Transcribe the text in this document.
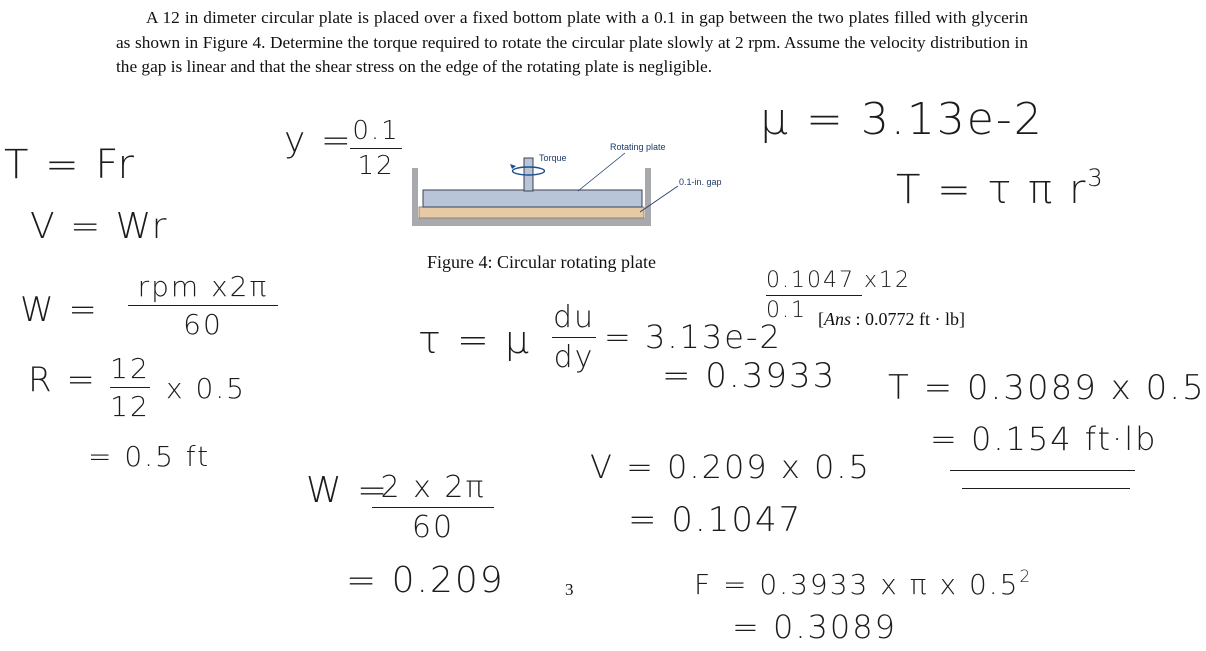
A 12 in dimeter circular plate is placed over a fixed bottom plate with a 0.1 in gap between the two plates filled with glycerin as shown in Figure 4. Determine the torque required to rotate the circular plate slowly at 2 rpm. Assume the velocity distribution in the gap is linear and that the shear stress on the edge of the rotating plate is negligible.

Torque
Rotating plate
0.1-in. gap
Figure 4: Circular rotating plate
[Ans : 0.0772 ft · lb]
3
T = Fr
V = Wr
W =
rpm x2π
60
R = 12
12
x 0.5
= 0.5 ft
y = 0.1
12
μ = 3.13e-2
T = τ π $r^3$
τ = μ
du
dy
= 3.13e-2
0.1047 x12
0.1
= 0.3933 T = 0.3089 x 0.5
= 0.154 ft·lb
W =
2 x 2π
60
= 0.209
V = 0.209 x 0.5
= 0.1047
F = 0.3933 x π x $0.5^2$
= 0.3089
